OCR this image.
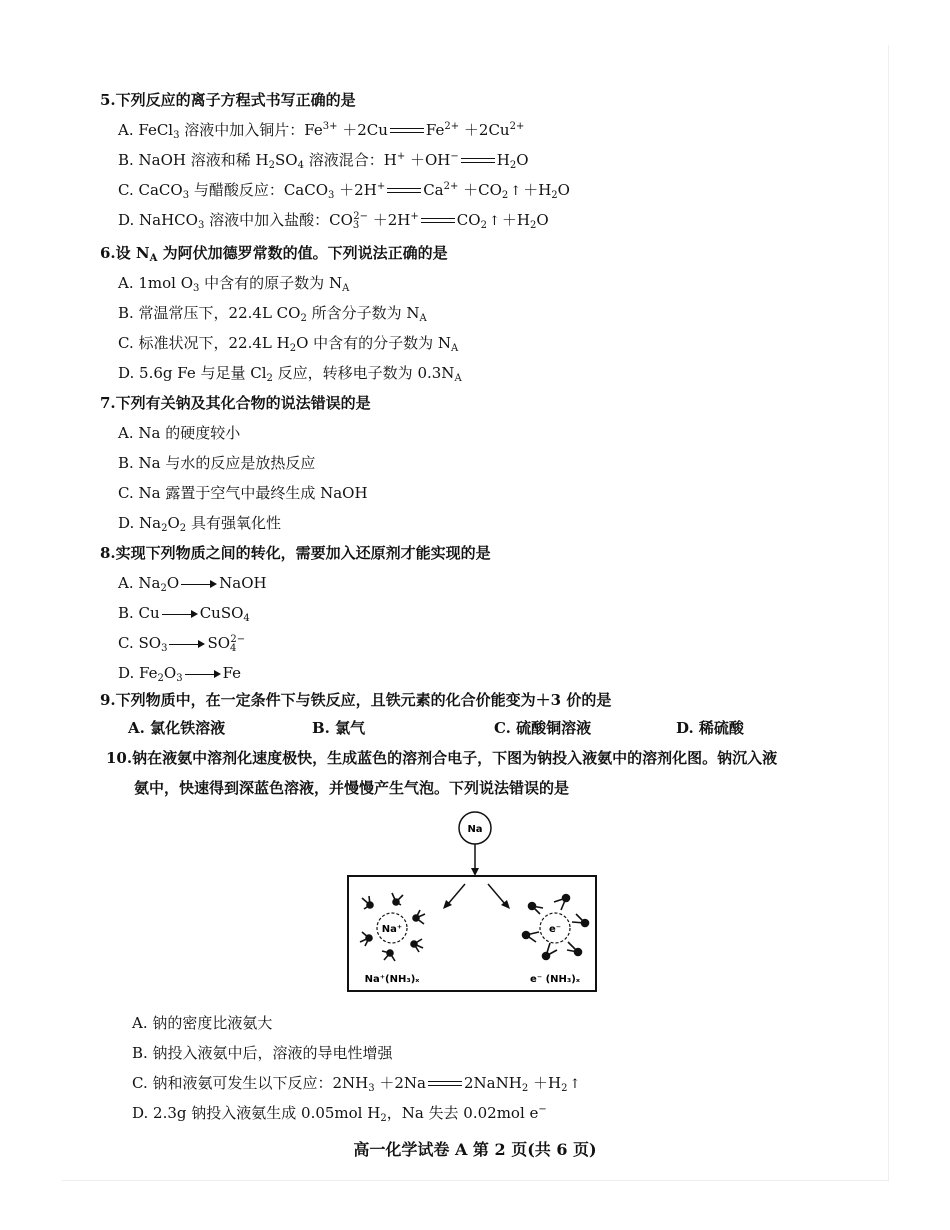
5.下列反应的离子方程式书写正确的是
A. FeCl$_3$ 溶液中加入铜片：$Fe^{3+} +2Cu$	$Fe^{2+} +2Cu^{2+}$
B. NaOH 溶液和稀 $H_2SO_4$ 溶液混合：H+ ＋OH−	$H_2O$
C. CaCO$_3$ 与醋酸反应：CaCO$_3$ ＋2H+	$Ca^{2+} +CO_2$ ↑ $+H_2O$
D. NaHCO$_3$ 溶液中加入盐酸：$CO_3^{2-} +2H^+$	$CO_2$ ↑ $+H_2O$
6.设 $N_A$ 为阿伏加德罗常数的值。下列说法正确的是
A. 1mol $O_3$ 中含有的原子数为 $N_A$
B. 常温常压下，22.4L $CO_2$ 所含分子数为 $N_A$
C. 标准状况下，22.4L $H_2O$ 中含有的分子数为 $N_A$
D. 5.6g Fe 与足量 $Cl_2$ 反应，转移电子数为 $0.3N_A$
7.下列有关钠及其化合物的说法错误的是
A. Na 的硬度较小
B. Na 与水的反应是放热反应
C. Na 露置于空气中最终生成 NaOH
D. $Na_2O_2$ 具有强氧化性
8.实现下列物质之间的转化，需要加入还原剂才能实现的是
A. $Na_2O$	NaOH
B. Cu	CuSO$_4$
C. $SO_3$	$SO_4^{2-}$
D. $Fe_2O_3$	Fe
9.下列物质中，在一定条件下与铁反应，且铁元素的化合价能变为＋3 价的是
A. 氯化铁溶液	B. 氯气	C. 硫酸铜溶液	D. 稀硫酸
10.钠在液氨中溶剂化速度极快，生成蓝色的溶剂合电子，下图为钠投入液氨中的溶剂化图。钠沉入液
氨中，快速得到深蓝色溶液，并慢慢产生气泡。下列说法错误的是
Na
Na⁺
Na⁺(NH₃)ₓ
e⁻
e⁻ (NH₃)ₓ
A. 钠的密度比液氨大
B. 钠投入液氨中后，溶液的导电性增强
C. 钠和液氨可发生以下反应：$2NH_3 +2Na$	2NaNH$_2$ $+H_2$ ↑
D. 2.3g 钠投入液氨生成 0.05mol $H_2$，Na 失去 0.02mol e−
高一化学试卷 A 第 2 页(共 6 页)
